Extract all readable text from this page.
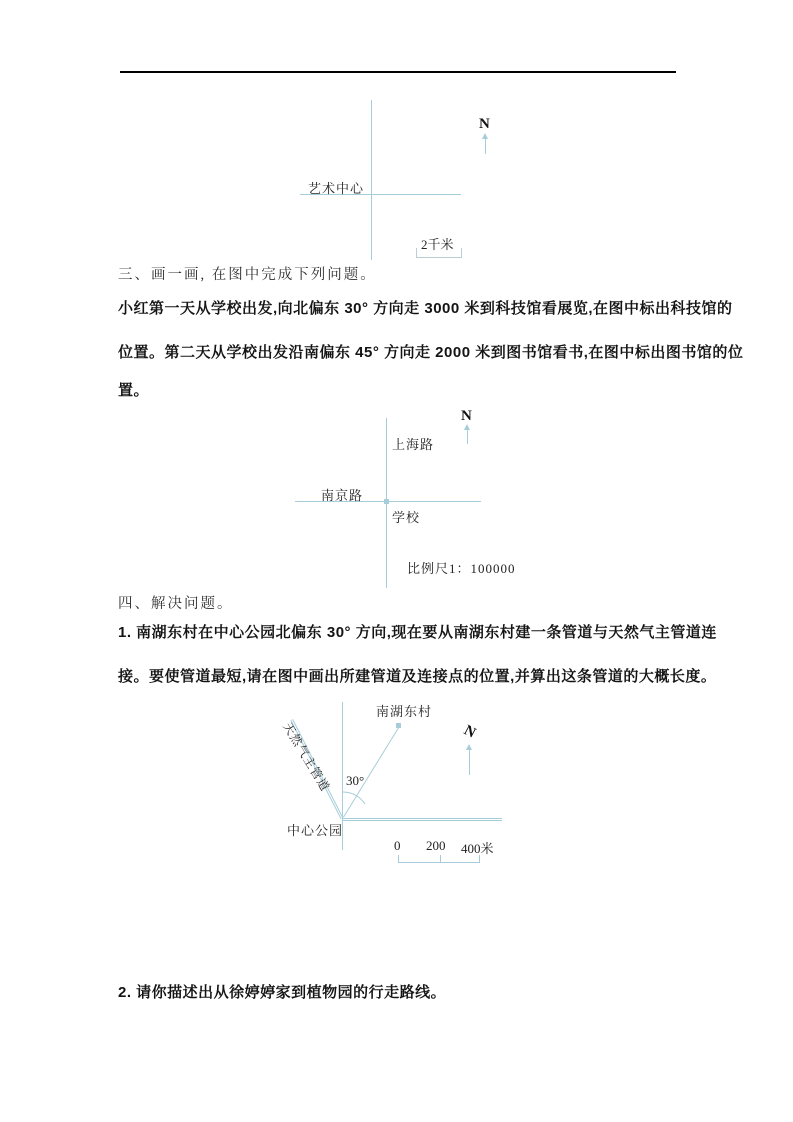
艺术中心
N
2千米
三、画一画, 在图中完成下列问题。
小红第一天从学校出发,向北偏东 30° 方向走 3000 米到科技馆看展览,在图中标出科技馆的
位置。第二天从学校出发沿南偏东 45° 方向走 2000 米到图书馆看书,在图中标出图书馆的位
置。
上海路
南京路
学校
N
比例尺1：100000
四、解决问题。
1. 南湖东村在中心公园北偏东 30° 方向,现在要从南湖东村建一条管道与天然气主管道连
接。要使管道最短,请在图中画出所建管道及连接点的位置,并算出这条管道的大概长度。
30°
天然气主管道
南湖东村
中心公园
N
0 200 400米
2. 请你描述出从徐婷婷家到植物园的行走路线。
